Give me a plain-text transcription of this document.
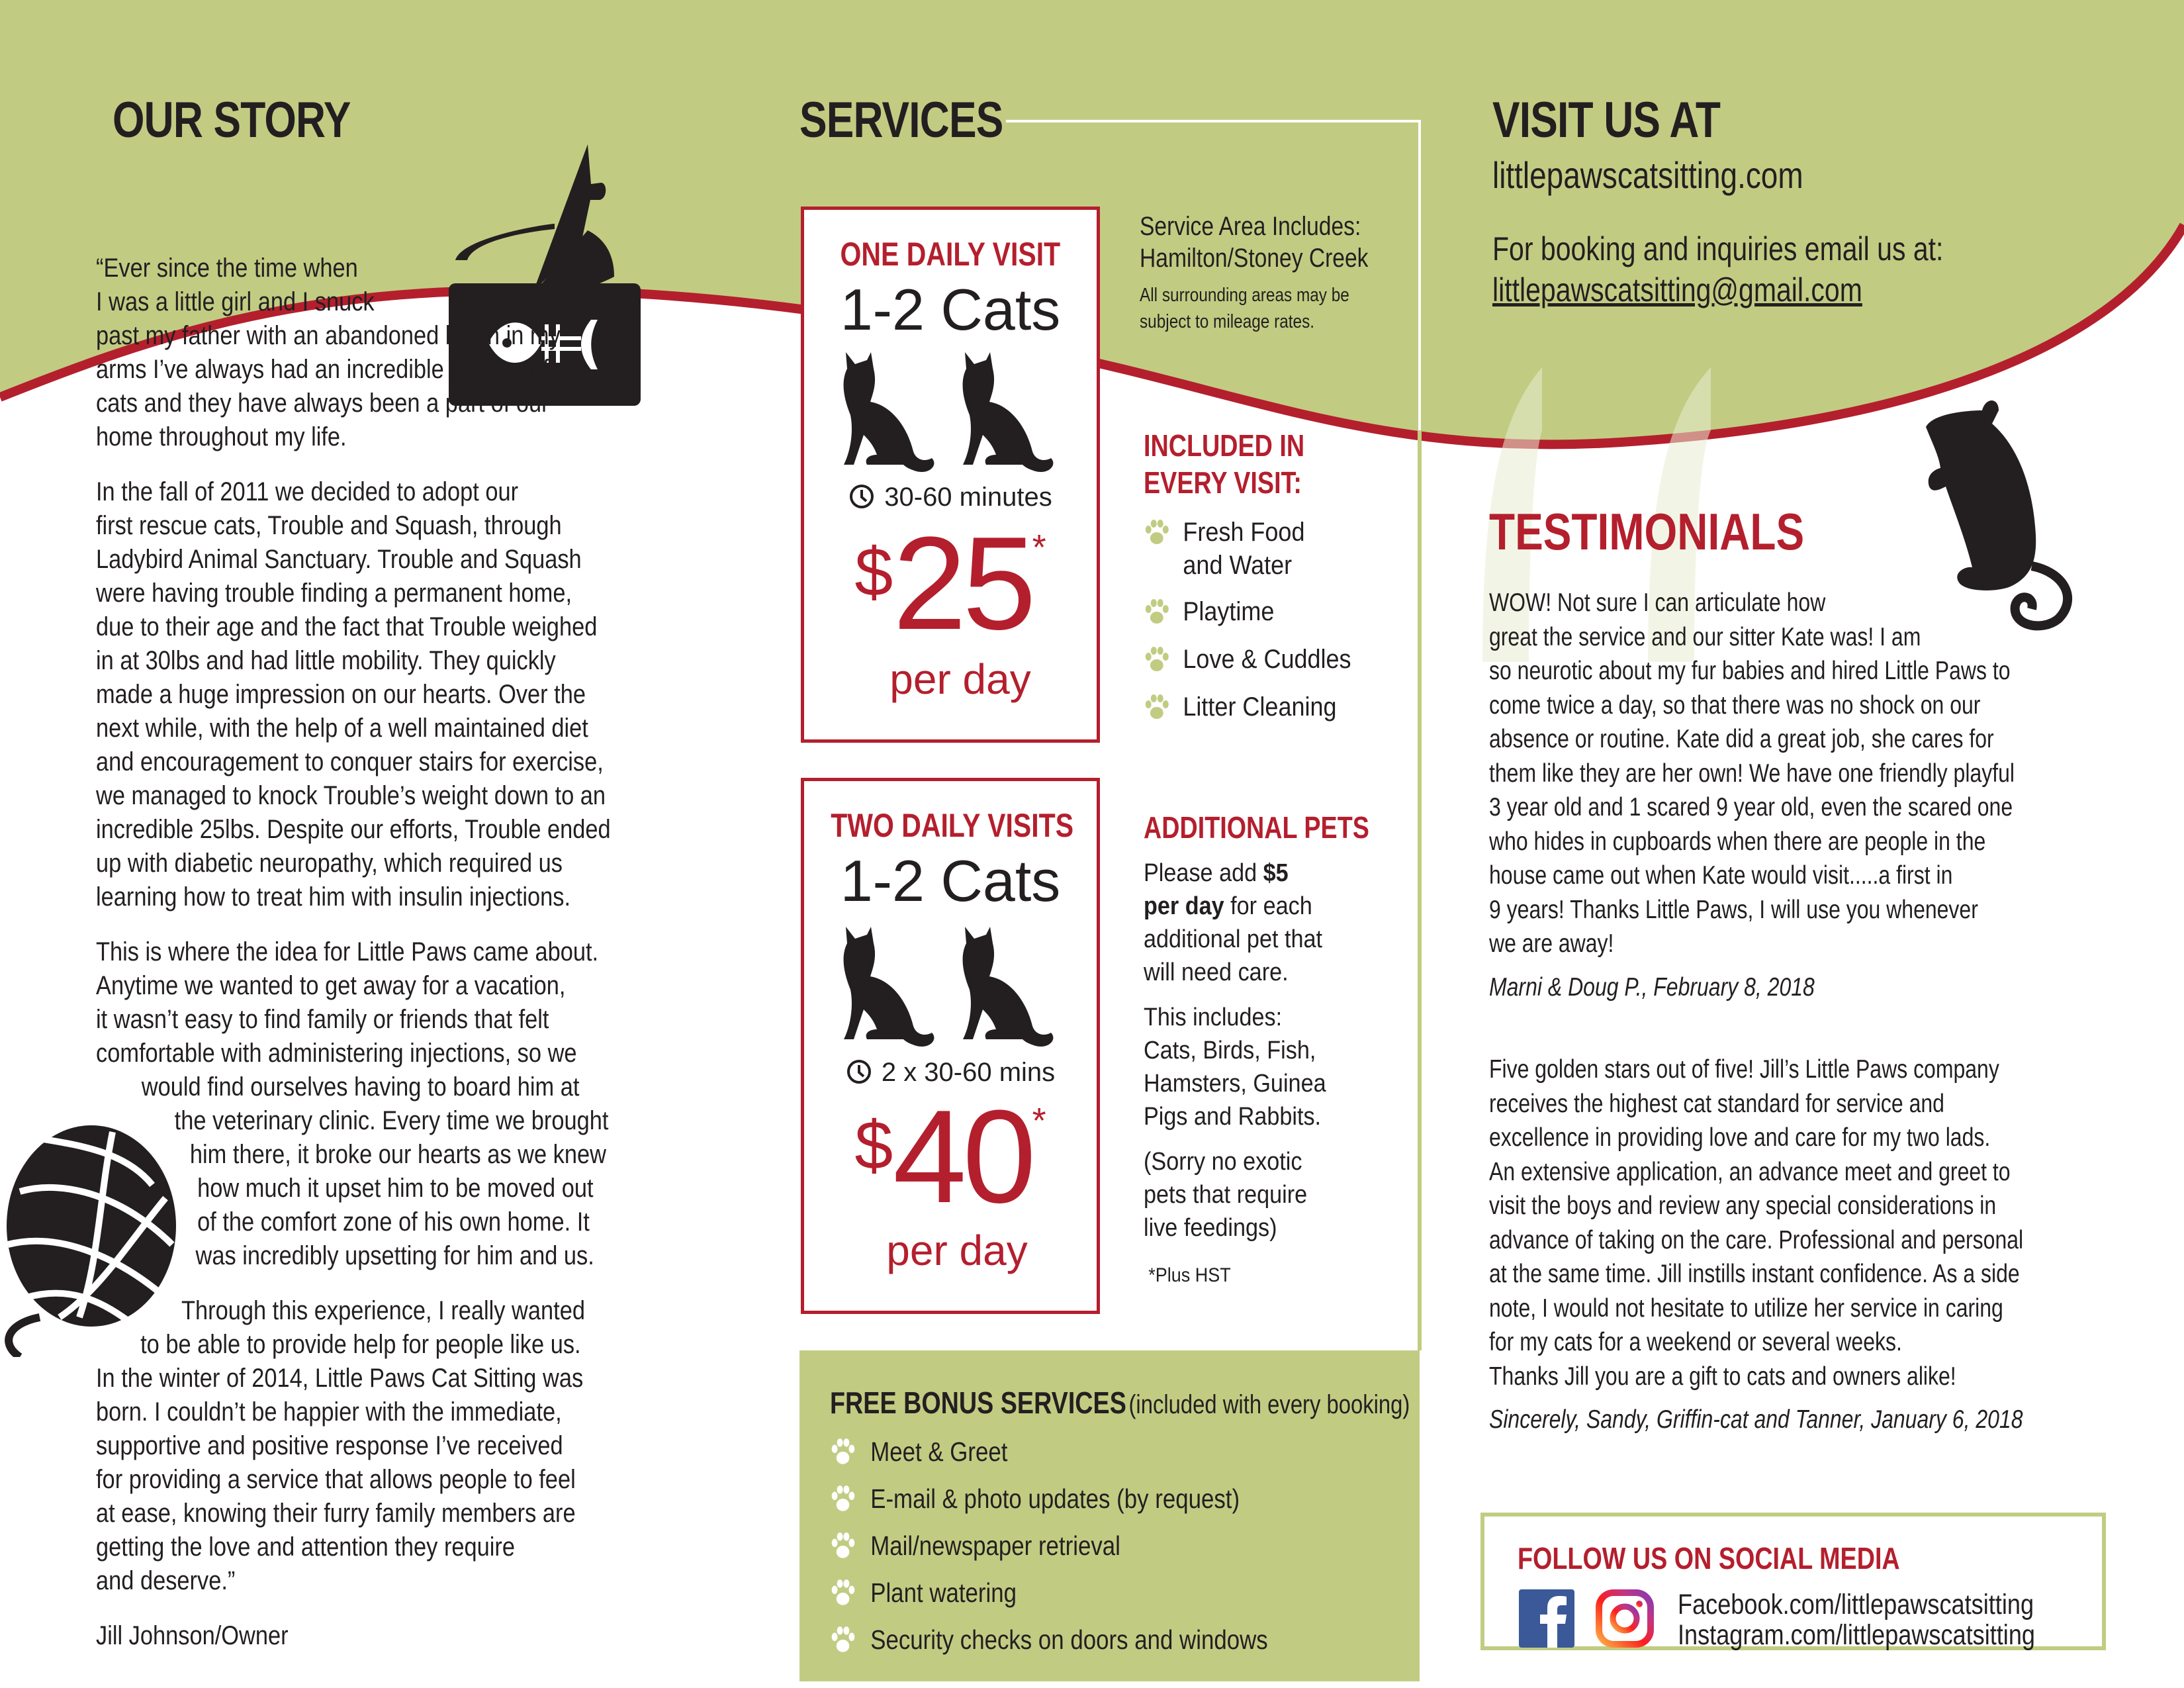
OUR STORY
“Ever since the time when
I was a little girl and I snuck
past my father with an abandoned kitten in my
arms I’ve always had an incredible soft spot for
cats and they have always been a part of our
home throughout my life.
In the fall of 2011 we decided to adopt our
first rescue cats, Trouble and Squash, through
Ladybird Animal Sanctuary. Trouble and Squash
were having trouble finding a permanent home,
due to their age and the fact that Trouble weighed
in at 30lbs and had little mobility. They quickly
made a huge impression on our hearts. Over the
next while, with the help of a well maintained diet
and encouragement to conquer stairs for exercise,
we managed to knock Trouble’s weight down to an
incredible 25lbs. Despite our efforts, Trouble ended
up with diabetic neuropathy, which required us
learning how to treat him with insulin injections.
This is where the idea for Little Paws came about.
Anytime we wanted to get away for a vacation,
it wasn’t easy to find family or friends that felt
comfortable with administering injections, so we
would find ourselves having to board him at
the veterinary clinic. Every time we brought
him there, it broke our hearts as we knew
how much it upset him to be moved out
of the comfort zone of his own home. It
was incredibly upsetting for him and us.
Through this experience, I really wanted
to be able to provide help for people like us.
In the winter of 2014, Little Paws Cat Sitting was
born. I couldn’t be happier with the immediate,
supportive and positive response I’ve received
for providing a service that allows people to feel
at ease, knowing their furry family members are
getting the love and attention they require
and deserve.”
Jill Johnson/Owner
SERVICES
Service Area Includes:
Hamilton/Stoney Creek
All surrounding areas may be
subject to mileage rates.
ONE DAILY VISIT
1-2 Cats
30-60 minutes
$25*
per day
TWO DAILY VISITS
1-2 Cats
2 x 30-60 mins
$40*
per day
INCLUDED IN
EVERY VISIT:
Fresh Food
and Water
Playtime
Love & Cuddles
Litter Cleaning
ADDITIONAL PETS
Please add $5
per day for each
additional pet that
will need care.
This includes:
Cats, Birds, Fish,
Hamsters, Guinea
Pigs and Rabbits.
(Sorry no exotic
pets that require
live feedings)
*Plus HST
FREE BONUS SERVICES (included with every booking)
Meet & Greet
E-mail & photo updates (by request)
Mail/newspaper retrieval
Plant watering
Security checks on doors and windows
VISIT US AT
littlepawscatsitting.com
For booking and inquiries email us at:
littlepawscatsitting@gmail.com
TESTIMONIALS
WOW! Not sure I can articulate how
great the service and our sitter Kate was! I am
so neurotic about my fur babies and hired Little Paws to
come twice a day, so that there was no shock on our
absence or routine. Kate did a great job, she cares for
them like they are her own! We have one friendly playful
3 year old and 1 scared 9 year old, even the scared one
who hides in cupboards when there are people in the
house came out when Kate would visit.....a first in
9 years! Thanks Little Paws, I will use you whenever
we are away!
Marni & Doug P., February 8, 2018
Five golden stars out of five! Jill’s Little Paws company
receives the highest cat standard for service and
excellence in providing love and care for my two lads.
An extensive application, an advance meet and greet to
visit the boys and review any special considerations in
advance of taking on the care. Professional and personal
at the same time. Jill instills instant confidence. As a side
note, I would not hesitate to utilize her service in caring
for my cats for a weekend or several weeks.
Thanks Jill you are a gift to cats and owners alike!
Sincerely, Sandy, Griffin-cat and Tanner, January 6, 2018
FOLLOW US ON SOCIAL MEDIA
Facebook.com/littlepawscatsitting
Instagram.com/littlepawscatsitting
